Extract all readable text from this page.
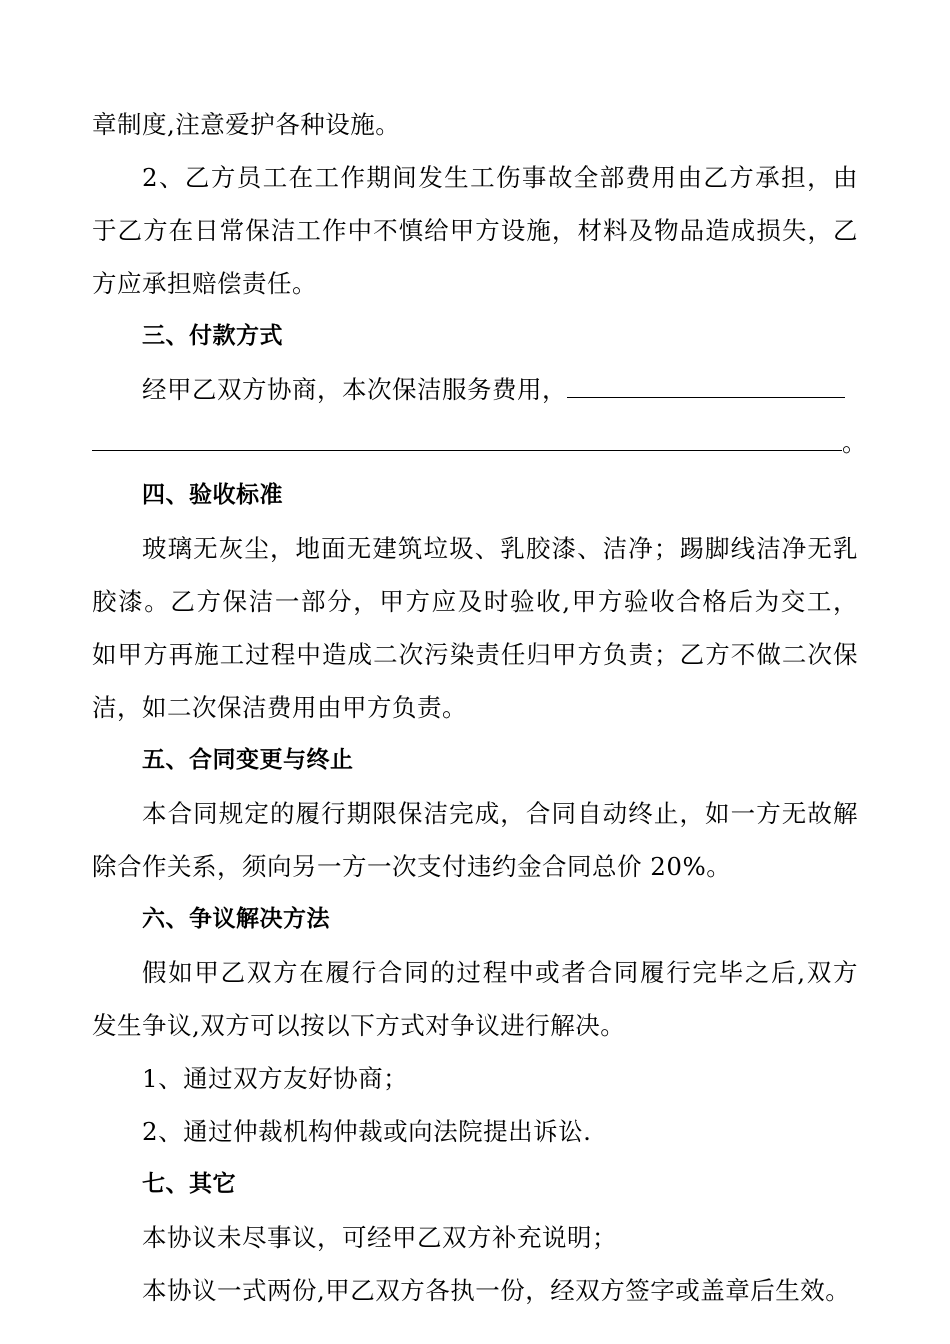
章制度,注意爱护各种设施。
2、乙方员工在工作期间发生工伤事故全部费用由乙方承担，由
于乙方在日常保洁工作中不慎给甲方设施，材料及物品造成损失，乙
方应承担赔偿责任。
三、付款方式
经甲乙双方协商，本次保洁服务费用，
。
四、验收标准
玻璃无灰尘，地面无建筑垃圾、乳胶漆、洁净；踢脚线洁净无乳
胶漆。乙方保洁一部分，甲方应及时验收,甲方验收合格后为交工，
如甲方再施工过程中造成二次污染责任归甲方负责；乙方不做二次保
洁，如二次保洁费用由甲方负责。
五、合同变更与终止
本合同规定的履行期限保洁完成，合同自动终止，如一方无故解
除合作关系，须向另一方一次支付违约金合同总价 20%。
六、争议解决方法
假如甲乙双方在履行合同的过程中或者合同履行完毕之后,双方
发生争议,双方可以按以下方式对争议进行解决。
1、通过双方友好协商；
2、通过仲裁机构仲裁或向法院提出诉讼.
七、其它
本协议未尽事议，可经甲乙双方补充说明；
本协议一式两份,甲乙双方各执一份，经双方签字或盖章后生效。
